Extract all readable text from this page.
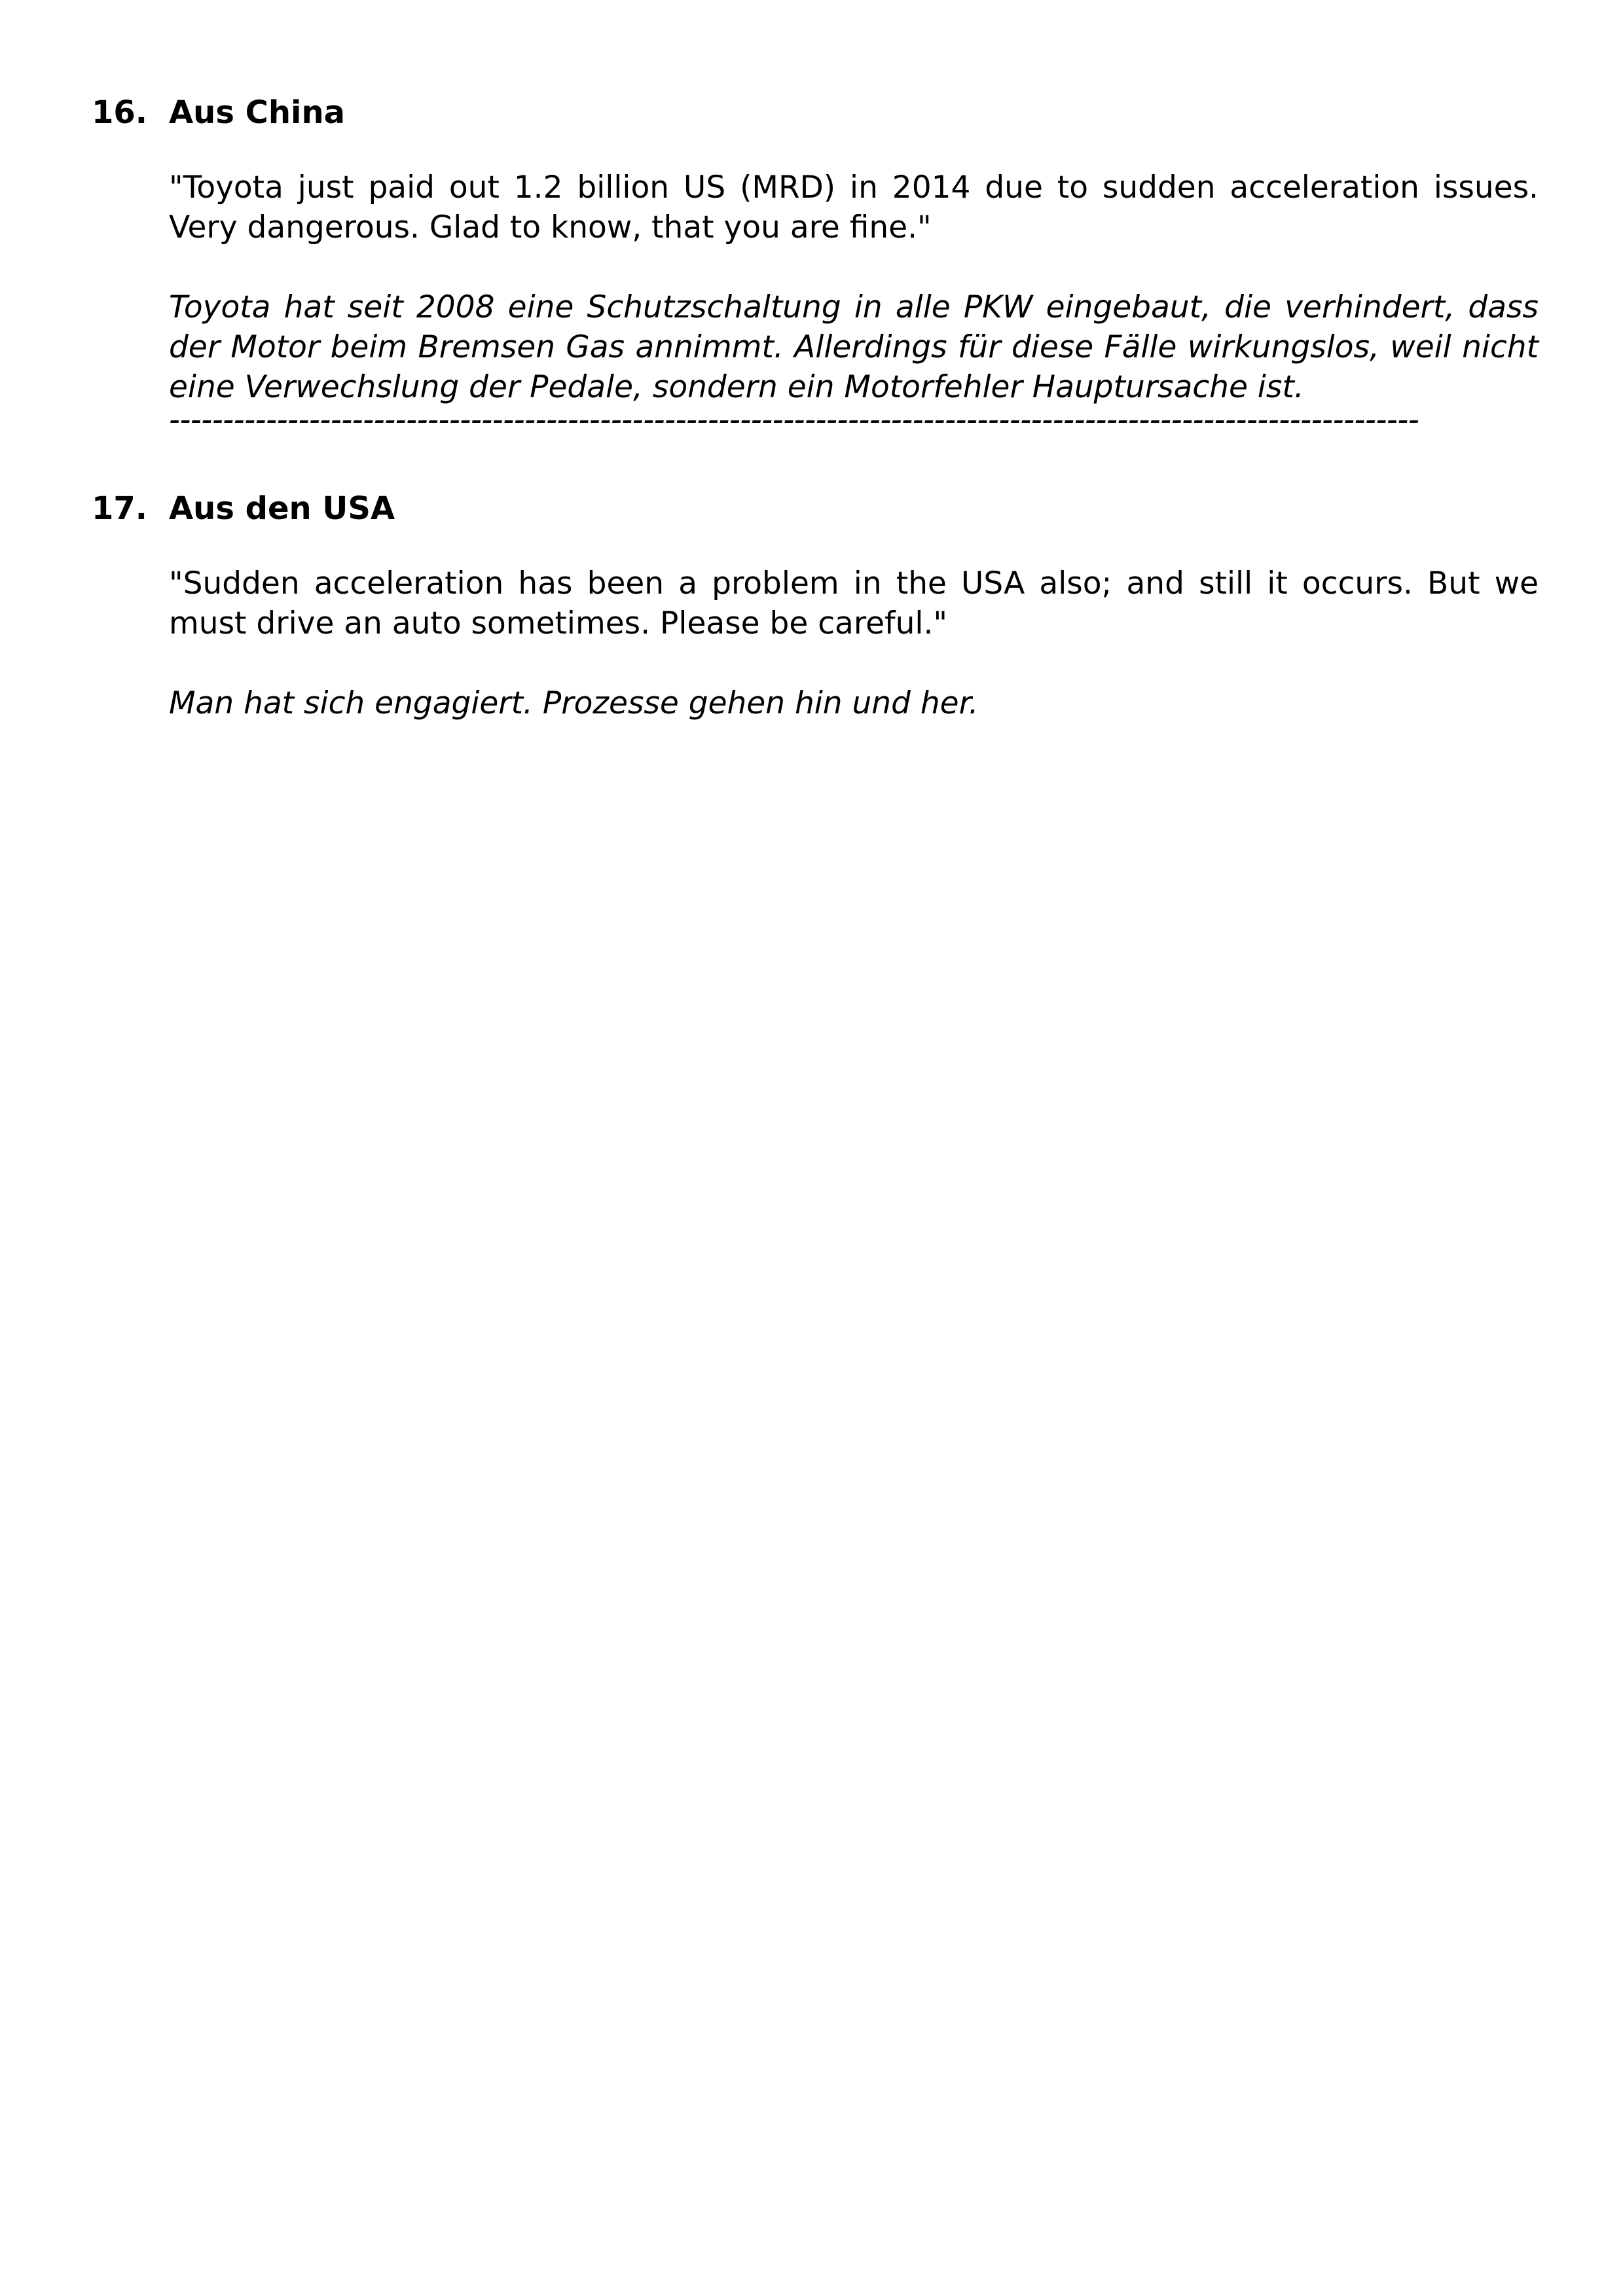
16. Aus China

"Toyota just paid out 1.2 billion US (MRD) in 2014 due to sudden acceleration issues. Very dangerous. Glad to know, that you are fine."

Toyota hat seit 2008 eine Schutzschaltung in alle PKW eingebaut, die verhindert, dass der Motor beim Bremsen Gas annimmt. Allerdings für diese Fälle wirkungslos, weil nicht eine Verwechslung der Pedale, sondern ein Motorfehler Hauptursache ist.

--------------------------------------------------------------------------------------------------------------------
17. Aus den USA

"Sudden acceleration has been a problem in the USA also; and still it occurs. But we must drive an auto sometimes. Please be careful."

Man hat sich engagiert. Prozesse gehen hin und her.
